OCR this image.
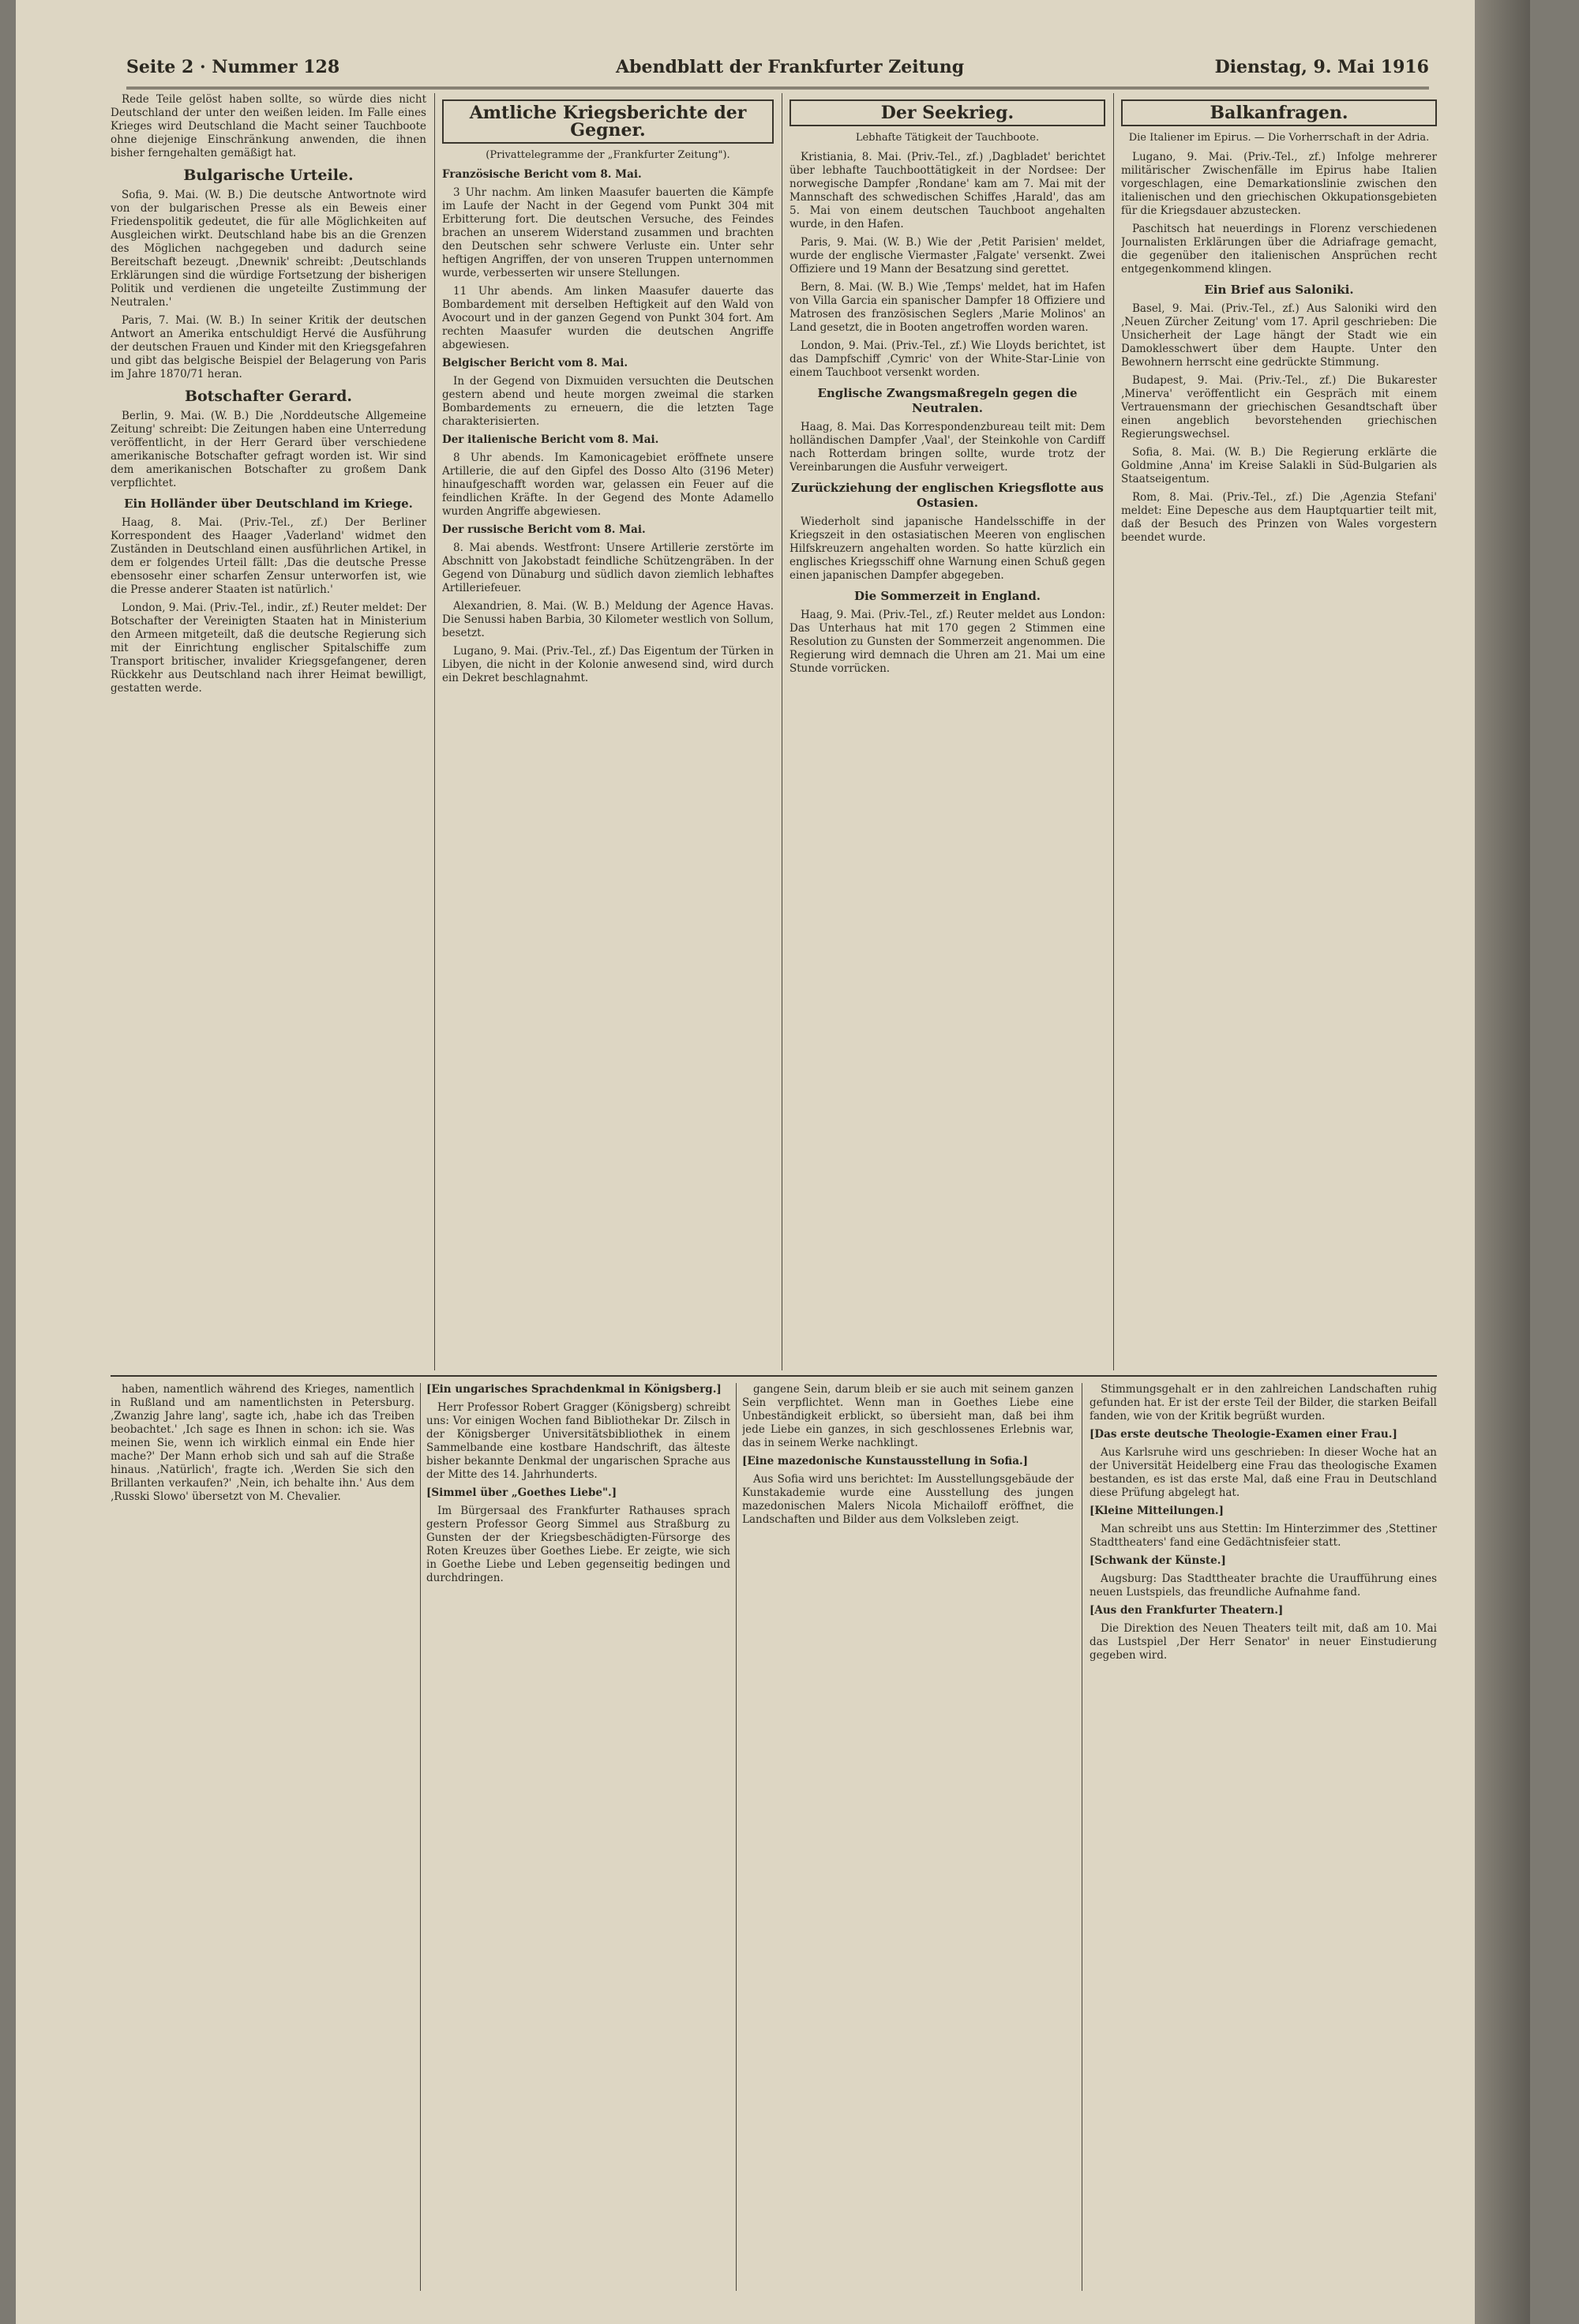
Seite 2 · Nummer 128	Abendblatt der Frankfurter Zeitung	Dienstag, 9. Mai 1916

Rede Teile gelöst haben sollte, so würde dies nicht Deutschland der unter den weißen leiden. Im Falle eines Krieges wird Deutschland die Macht seiner Tauchboote ohne diejenige Einschränkung anwenden, die ihnen bisher ferngehalten gemäßigt hat.

Bulgarische Urteile.

Sofia, 9. Mai. (W. B.) Die deutsche Antwortnote wird von der bulgarischen Presse als ein Beweis einer Friedenspolitik gedeutet, die für alle Möglichkeiten auf Ausgleichen wirkt. Deutschland habe bis an die Grenzen des Möglichen nachgegeben und dadurch seine Bereitschaft bezeugt. ‚Dnewnik' schreibt: ‚Deutschlands Erklärungen sind die würdige Fortsetzung der bisherigen Politik und verdienen die ungeteilte Zustimmung der Neutralen.'

Paris, 7. Mai. (W. B.) In seiner Kritik der deutschen Antwort an Amerika entschuldigt Hervé die Ausführung der deutschen Frauen und Kinder mit den Kriegsgefahren und gibt das belgische Beispiel der Belagerung von Paris im Jahre 1870/71 heran.

Botschafter Gerard.

Berlin, 9. Mai. (W. B.) Die ‚Norddeutsche Allgemeine Zeitung' schreibt: Die Zeitungen haben eine Unterredung veröffentlicht, in der Herr Gerard über verschiedene amerikanische Botschafter gefragt worden ist. Wir sind dem amerikanischen Botschafter zu großem Dank verpflichtet.

Ein Holländer über Deutschland im Kriege.

Haag, 8. Mai. (Priv.-Tel., zf.) Der Berliner Korrespondent des Haager ‚Vaderland' widmet den Zuständen in Deutschland einen ausführlichen Artikel, in dem er folgendes Urteil fällt: ‚Das die deutsche Presse ebensosehr einer scharfen Zensur unterworfen ist, wie die Presse anderer Staaten ist natürlich.'

London, 9. Mai. (Priv.-Tel., indir., zf.) Reuter meldet: Der Botschafter der Vereinigten Staaten hat in Ministerium den Armeen mitgeteilt, daß die deutsche Regierung sich mit der Einrichtung englischer Spitalschiffe zum Transport britischer, invalider Kriegsgefangener, deren Rückkehr aus Deutschland nach ihrer Heimat bewilligt, gestatten werde.

Amtliche Kriegsberichte der Gegner.

(Privattelegramme der „Frankfurter Zeitung").

Französische Bericht vom 8. Mai.

3 Uhr nachm. Am linken Maasufer bauerten die Kämpfe im Laufe der Nacht in der Gegend vom Punkt 304 mit Erbitterung fort. Die deutschen Versuche, des Feindes brachen an unserem Widerstand zusammen und brachten den Deutschen sehr schwere Verluste ein. Unter sehr heftigen Angriffen, der von unseren Truppen unternommen wurde, verbesserten wir unsere Stellungen.

11 Uhr abends. Am linken Maasufer dauerte das Bombardement mit derselben Heftigkeit auf den Wald von Avocourt und in der ganzen Gegend von Punkt 304 fort. Am rechten Maasufer wurden die deutschen Angriffe abgewiesen.

Belgischer Bericht vom 8. Mai.

In der Gegend von Dixmuiden versuchten die Deutschen gestern abend und heute morgen zweimal die starken Bombardements zu erneuern, die die letzten Tage charakterisierten.

Der italienische Bericht vom 8. Mai.

8 Uhr abends. Im Kamonicagebiet eröffnete unsere Artillerie, die auf den Gipfel des Dosso Alto (3196 Meter) hinaufgeschafft worden war, gelassen ein Feuer auf die feindlichen Kräfte. In der Gegend des Monte Adamello wurden Angriffe abgewiesen.

Der russische Bericht vom 8. Mai.

8. Mai abends. Westfront: Unsere Artillerie zerstörte im Abschnitt von Jakobstadt feindliche Schützengräben. In der Gegend von Dünaburg und südlich davon ziemlich lebhaftes Artilleriefeuer.

Alexandrien, 8. Mai. (W. B.) Meldung der Agence Havas. Die Senussi haben Barbia, 30 Kilometer westlich von Sollum, besetzt.

Lugano, 9. Mai. (Priv.-Tel., zf.) Das Eigentum der Türken in Libyen, die nicht in der Kolonie anwesend sind, wird durch ein Dekret beschlagnahmt.

Der Seekrieg.

Lebhafte Tätigkeit der Tauchboote.

Kristiania, 8. Mai. (Priv.-Tel., zf.) ‚Dagbladet' berichtet über lebhafte Tauchboottätigkeit in der Nordsee: Der norwegische Dampfer ‚Rondane' kam am 7. Mai mit der Mannschaft des schwedischen Schiffes ‚Harald', das am 5. Mai von einem deutschen Tauchboot angehalten wurde, in den Hafen.

Paris, 9. Mai. (W. B.) Wie der ‚Petit Parisien' meldet, wurde der englische Viermaster ‚Falgate' versenkt. Zwei Offiziere und 19 Mann der Besatzung sind gerettet.

Bern, 8. Mai. (W. B.) Wie ‚Temps' meldet, hat im Hafen von Villa Garcia ein spanischer Dampfer 18 Offiziere und Matrosen des französischen Seglers ‚Marie Molinos' an Land gesetzt, die in Booten angetroffen worden waren.

London, 9. Mai. (Priv.-Tel., zf.) Wie Lloyds berichtet, ist das Dampfschiff ‚Cymric' von der White-Star-Linie von einem Tauchboot versenkt worden.

Englische Zwangsmaßregeln gegen die Neutralen.

Haag, 8. Mai. Das Korrespondenzbureau teilt mit: Dem holländischen Dampfer ‚Vaal', der Steinkohle von Cardiff nach Rotterdam bringen sollte, wurde trotz der Vereinbarungen die Ausfuhr verweigert.

Zurückziehung der englischen Kriegsflotte aus Ostasien.

Wiederholt sind japanische Handelsschiffe in der Kriegszeit in den ostasiatischen Meeren von englischen Hilfskreuzern angehalten worden. So hatte kürzlich ein englisches Kriegsschiff ohne Warnung einen Schuß gegen einen japanischen Dampfer abgegeben.

Die Sommerzeit in England.

Haag, 9. Mai. (Priv.-Tel., zf.) Reuter meldet aus London: Das Unterhaus hat mit 170 gegen 2 Stimmen eine Resolution zu Gunsten der Sommerzeit angenommen. Die Regierung wird demnach die Uhren am 21. Mai um eine Stunde vorrücken.

Balkanfragen.

Die Italiener im Epirus. — Die Vorherrschaft in der Adria.

Lugano, 9. Mai. (Priv.-Tel., zf.) Infolge mehrerer militärischer Zwischenfälle im Epirus habe Italien vorgeschlagen, eine Demarkationslinie zwischen den italienischen und den griechischen Okkupationsgebieten für die Kriegsdauer abzustecken.

Paschitsch hat neuerdings in Florenz verschiedenen Journalisten Erklärungen über die Adriafrage gemacht, die gegenüber den italienischen Ansprüchen recht entgegenkommend klingen.

Ein Brief aus Saloniki.

Basel, 9. Mai. (Priv.-Tel., zf.) Aus Saloniki wird den ‚Neuen Zürcher Zeitung' vom 17. April geschrieben: Die Unsicherheit der Lage hängt der Stadt wie ein Damoklesschwert über dem Haupte. Unter den Bewohnern herrscht eine gedrückte Stimmung.

Budapest, 9. Mai. (Priv.-Tel., zf.) Die Bukarester ‚Minerva' veröffentlicht ein Gespräch mit einem Vertrauensmann der griechischen Gesandtschaft über einen angeblich bevorstehenden griechischen Regierungswechsel.

Sofia, 8. Mai. (W. B.) Die Regierung erklärte die Goldmine ‚Anna' im Kreise Salakli in Süd-Bulgarien als Staatseigentum.

Rom, 8. Mai. (Priv.-Tel., zf.) Die ‚Agenzia Stefani' meldet: Eine Depesche aus dem Hauptquartier teilt mit, daß der Besuch des Prinzen von Wales vorgestern beendet wurde.

haben, namentlich während des Krieges, namentlich in Rußland und am namentlichsten in Petersburg. ‚Zwanzig Jahre lang', sagte ich, ‚habe ich das Treiben beobachtet.' ‚Ich sage es Ihnen in schon: ich sie. Was meinen Sie, wenn ich wirklich einmal ein Ende hier mache?' Der Mann erhob sich und sah auf die Straße hinaus. ‚Natürlich', fragte ich. ‚Werden Sie sich den Brillanten verkaufen?' ‚Nein, ich behalte ihn.' Aus dem ‚Russki Slowo' übersetzt von M. Chevalier.

[Ein ungarisches Sprachdenkmal in Königsberg.]

Herr Professor Robert Gragger (Königsberg) schreibt uns: Vor einigen Wochen fand Bibliothekar Dr. Zilsch in der Königsberger Universitätsbibliothek in einem Sammelbande eine kostbare Handschrift, das älteste bisher bekannte Denkmal der ungarischen Sprache aus der Mitte des 14. Jahrhunderts.

[Simmel über „Goethes Liebe".]

Im Bürgersaal des Frankfurter Rathauses sprach gestern Professor Georg Simmel aus Straßburg zu Gunsten der der Kriegsbeschädigten-Fürsorge des Roten Kreuzes über Goethes Liebe. Er zeigte, wie sich in Goethe Liebe und Leben gegenseitig bedingen und durchdringen.

gangene Sein, darum bleib er sie auch mit seinem ganzen Sein verpflichtet. Wenn man in Goethes Liebe eine Unbeständigkeit erblickt, so übersieht man, daß bei ihm jede Liebe ein ganzes, in sich geschlossenes Erlebnis war, das in seinem Werke nachklingt.

[Eine mazedonische Kunstausstellung in Sofia.]

Aus Sofia wird uns berichtet: Im Ausstellungsgebäude der Kunstakademie wurde eine Ausstellung des jungen mazedonischen Malers Nicola Michailoff eröffnet, die Landschaften und Bilder aus dem Volksleben zeigt.

Stimmungsgehalt er in den zahlreichen Landschaften ruhig gefunden hat. Er ist der erste Teil der Bilder, die starken Beifall fanden, wie von der Kritik begrüßt wurden.

[Das erste deutsche Theologie-Examen einer Frau.]

Aus Karlsruhe wird uns geschrieben: In dieser Woche hat an der Universität Heidelberg eine Frau das theologische Examen bestanden, es ist das erste Mal, daß eine Frau in Deutschland diese Prüfung abgelegt hat.

[Kleine Mitteilungen.]

Man schreibt uns aus Stettin: Im Hinterzimmer des ‚Stettiner Stadttheaters' fand eine Gedächtnisfeier statt.

[Schwank der Künste.]

Augsburg: Das Stadttheater brachte die Uraufführung eines neuen Lustspiels, das freundliche Aufnahme fand.

[Aus den Frankfurter Theatern.]

Die Direktion des Neuen Theaters teilt mit, daß am 10. Mai das Lustspiel ‚Der Herr Senator' in neuer Einstudierung gegeben wird.
